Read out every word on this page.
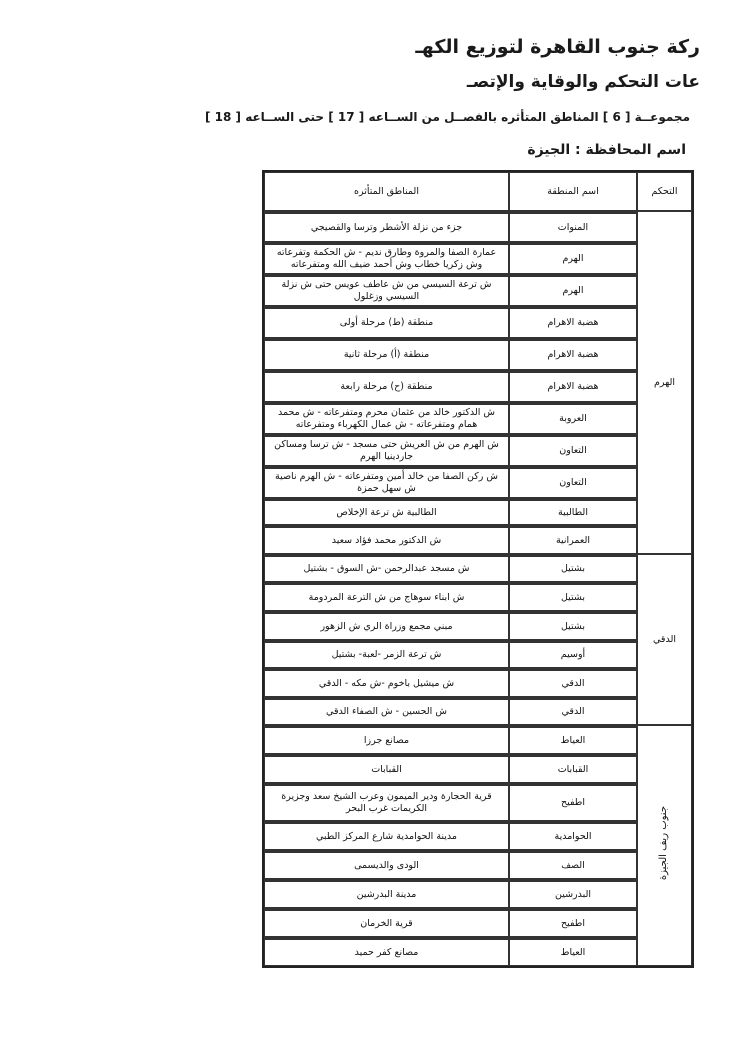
ركة جنوب القاهرة لتوزيع الكهـ
عات التحكم والوقاية والإتصـ
مجموعــة [ 6 ] المناطق المتأثره بالفصــل من الســاعه [ 17 ] حتى الســاعه [ 18 ]
اسم المحافظة : الجيزة
التحكم	اسم المنطقة	المناطق المتأثره
الهرم	المنوات	جزء من نزلة الأشطر وترسا والقصيجي
	الهرم	عمارة الصفا والمروة وطارق نديم - ش الحكمة وتفرعاته وش زكريا خطاب وش أحمد ضيف الله ومتفرعاته
	الهرم	ش ترعة السيسي من ش عاطف عويس حتى ش نزلة السيسي وزغلول
	هضبة الاهرام	منطقة (ط) مرحلة أولى
	هضبة الاهرام	منطقة (أ) مرحلة ثانية
	هضبة الاهرام	منطقة (ح) مرحلة رابعة
	العروبة	ش الدكتور خالد من عثمان محرم ومتفرعاته - ش محمد همام ومتفرعاته - ش عمال الكهرباء ومتفرعاته
	التعاون	ش الهرم من ش العريش حتى مسجد - ش ترسا ومساكن جاردينيا الهرم
	التعاون	ش ركن الصفا من خالد أمين ومتفرعاته - ش الهرم ناصية ش سهل حمزة
	الطالبية	الطالبية ش ترعة الإخلاص
	العمرانية	ش الدكتور محمد فؤاد سعيد
الدقي	بشتيل	ش مسجد عبدالرحمن -ش السوق - بشتيل
	بشتيل	ش ابناء سوهاج من ش الترعة المردومة
	بشتيل	مبني مجمع وزراة الري ش الزهور
	أوسيم	ش ترعة الزمر -لعبة- بشتيل
	الدقي	ش ميشيل باخوم -ش مكه - الدقي
	الدقي	ش الحسين - ش الصفاء الدقي
جنوب ريف الجيزة	العياط	مصانع جرزا
	القبابات	القبابات
	اطفيح	قرية الحجارة ودير الميمون وعرب الشيخ سعد وجزيرة الكريمات غرب البحر
	الحوامدية	مدينة الحوامدية شارع المركز الطبي
	الصف	الودى والديسمى
	البدرشين	مدينة البدرشين
	اطفيح	قرية الخرمان
	العياط	مصانع كفر حميد
